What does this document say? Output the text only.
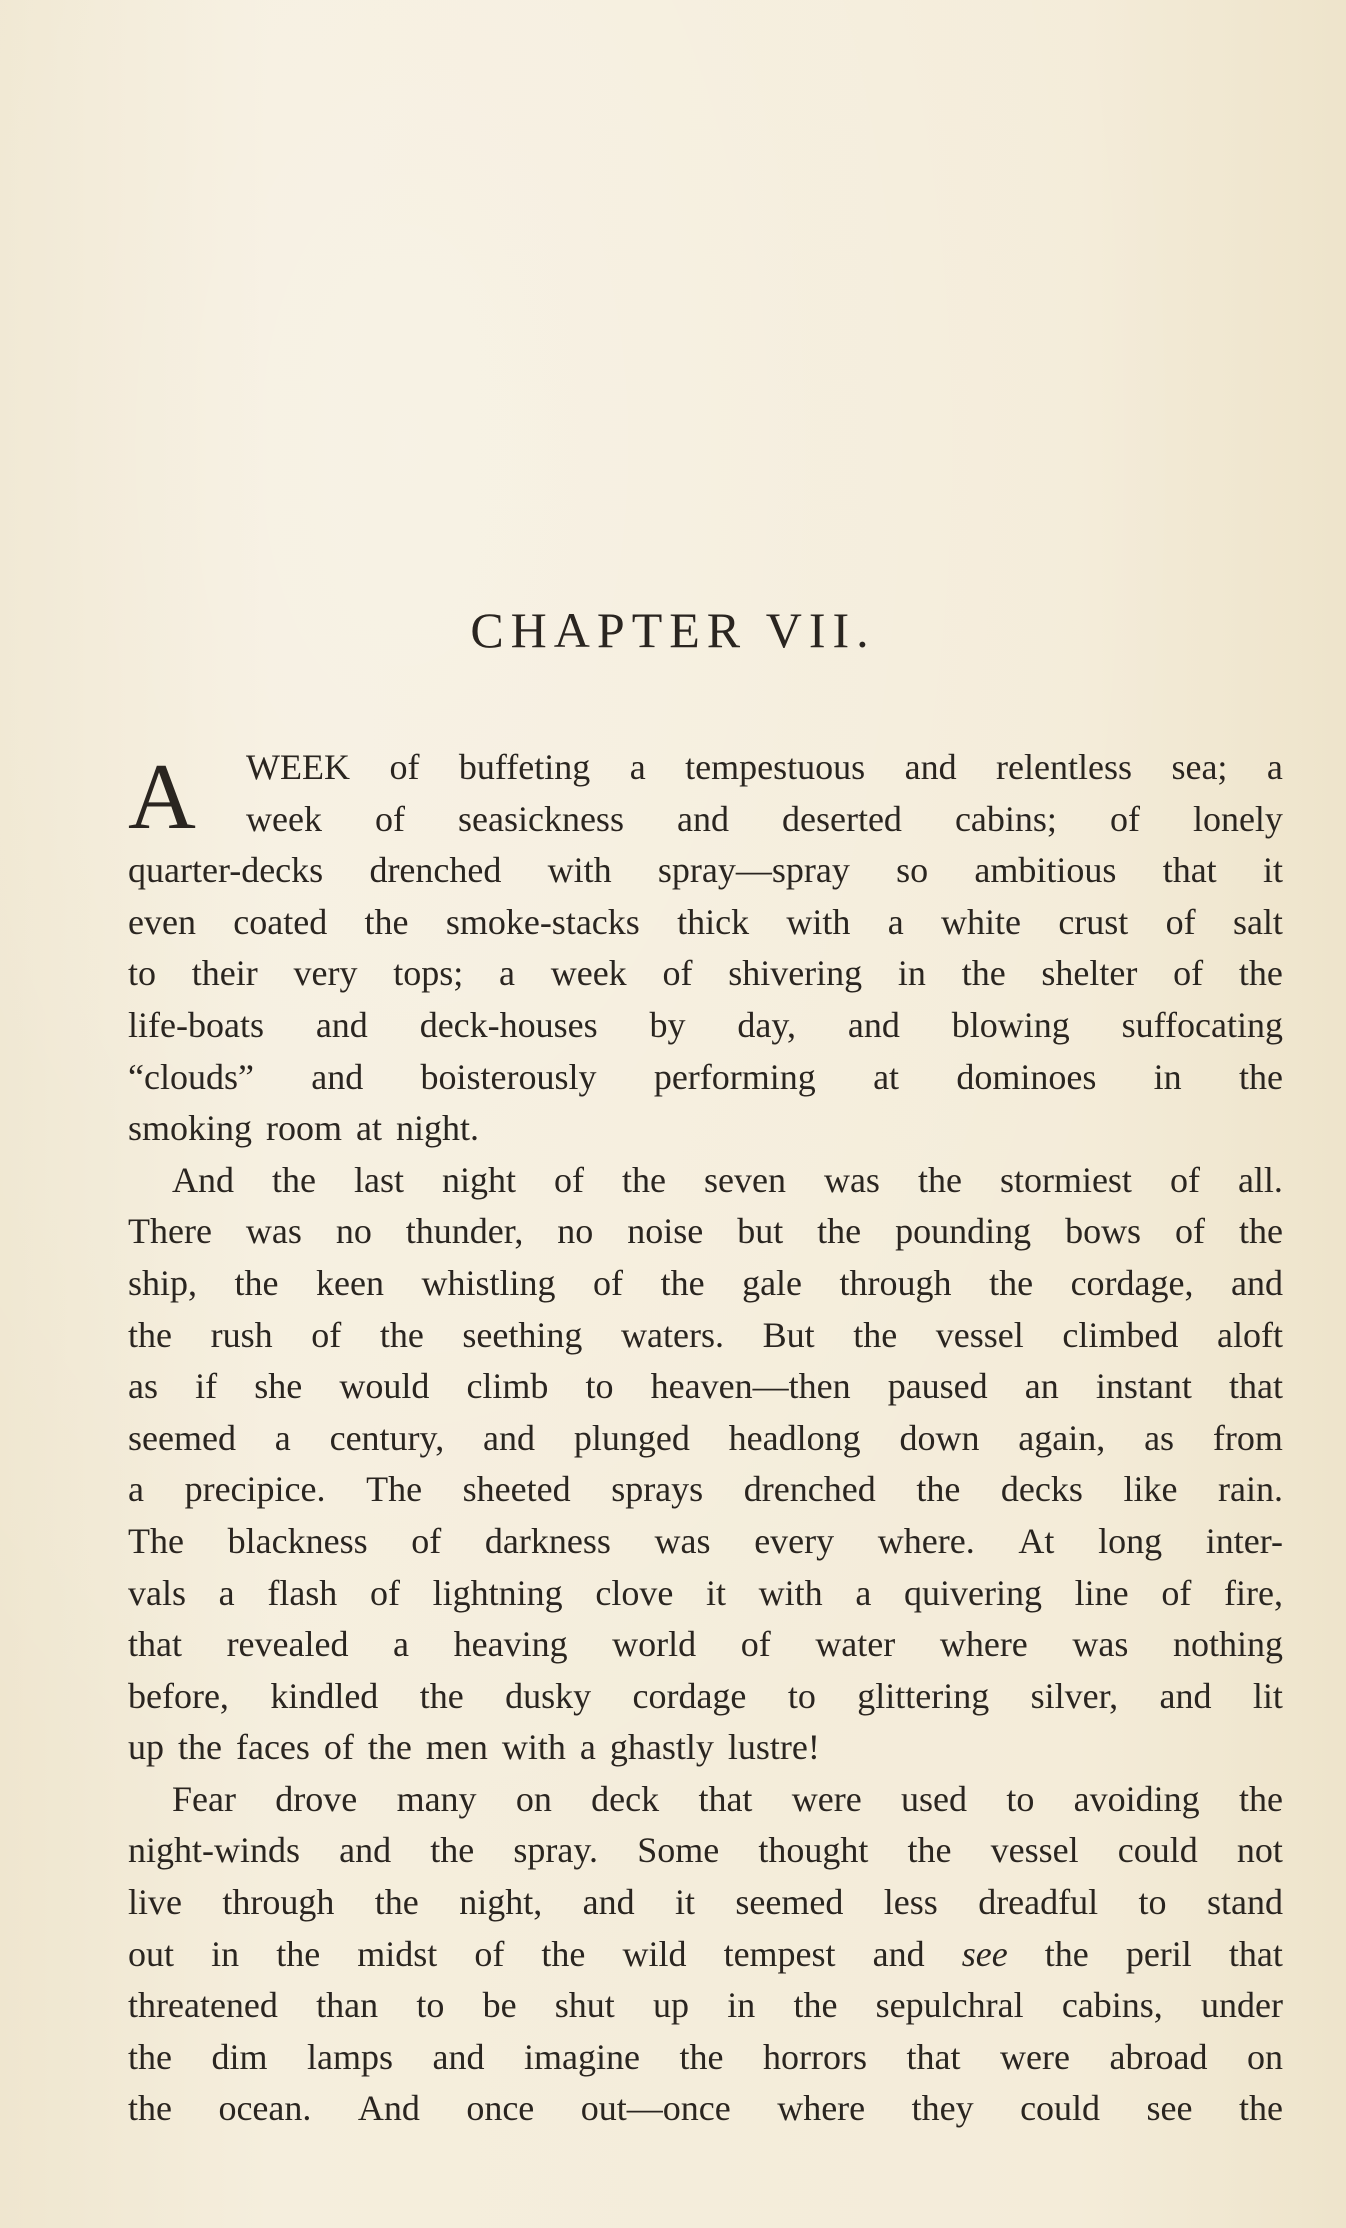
CHAPTER VII.
A WEEK of buffeting a tempestuous and relentless sea; a
week of seasickness and deserted cabins; of lonely
quarter-decks drenched with spray—spray so ambitious that it
even coated the smoke-stacks thick with a white crust of salt
to their very tops; a week of shivering in the shelter of the
life-boats and deck-houses by day, and blowing suffocating
“clouds” and boisterously performing at dominoes in the
smoking room at night.
And the last night of the seven was the stormiest of all.
There was no thunder, no noise but the pounding bows of the
ship, the keen whistling of the gale through the cordage, and
the rush of the seething waters. But the vessel climbed aloft
as if she would climb to heaven—then paused an instant that
seemed a century, and plunged headlong down again, as from
a precipice. The sheeted sprays drenched the decks like rain.
The blackness of darkness was every where. At long inter-
vals a flash of lightning clove it with a quivering line of fire,
that revealed a heaving world of water where was nothing
before, kindled the dusky cordage to glittering silver, and lit
up the faces of the men with a ghastly lustre!
Fear drove many on deck that were used to avoiding the
night-winds and the spray. Some thought the vessel could not
live through the night, and it seemed less dreadful to stand
out in the midst of the wild tempest and see the peril that
threatened than to be shut up in the sepulchral cabins, under
the dim lamps and imagine the horrors that were abroad on
the ocean. And once out—once where they could see the
